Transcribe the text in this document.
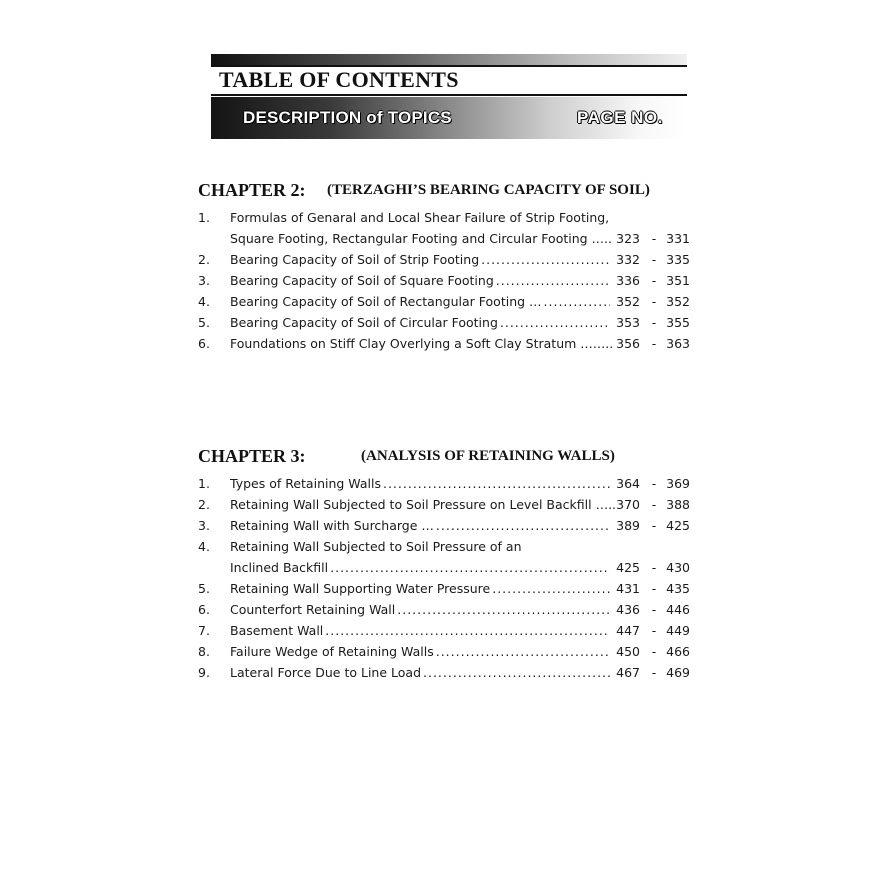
TABLE OF CONTENTS
DESCRIPTION of TOPICS	PAGE NO.
CHAPTER 2: (TERZAGHI’S BEARING CAPACITY OF SOIL)
1.	Formulas of Genaral and Local Shear Failure of Strip Footing,
Square Footing, Rectangular Footing and Circular Footing ….. 323 - 331
2.	Bearing Capacity of Soil of Strip Footing .....	332 - 335
3.	Bearing Capacity of Soil of Square Footing .....	336 - 351
4.	Bearing Capacity of Soil of Rectangular Footing … .....	352 - 352
5.	Bearing Capacity of Soil of Circular Footing .....	353 - 355
6.	Foundations on Stiff Clay Overlying a Soft Clay Stratum …….. 356 - 363
CHAPTER 3:	(ANALYSIS OF RETAINING WALLS)
1.	Types of Retaining Walls .....	364 - 369
2.	Retaining Wall Subjected to Soil Pressure on Level Backfill ….. 370 - 388
3.	Retaining Wall with Surcharge … .....	389 - 425
4.	Retaining Wall Subjected to Soil Pressure of an
Inclined Backfill .....	425 - 430
5.	Retaining Wall Supporting Water Pressure .....	431 - 435
6.	Counterfort Retaining Wall .....	436 - 446
7.	Basement Wall .....	447 - 449
8.	Failure Wedge of Retaining Walls .....	450 - 466
9.	Lateral Force Due to Line Load .....	467 - 469
